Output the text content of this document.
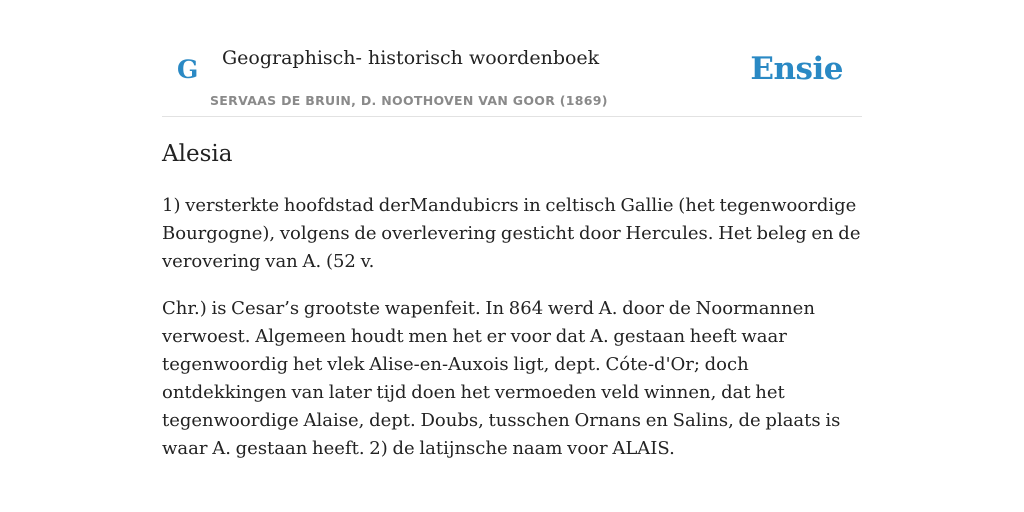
G Geographisch- historisch woordenboek
SERVAAS DE BRUIN, D. NOOTHOVEN VAN GOOR (1869)
Ensie
Alesia

1) versterkte hoofdstad derMandubicrs in celtisch Gallie (het tegenwoordige Bourgogne), volgens de overlevering gesticht door Hercules. Het beleg en de verovering van A. (52 v.

Chr.) is Cesar’s grootste wapenfeit. In 864 werd A. door de Noormannen verwoest. Algemeen houdt men het er voor dat A. gestaan heeft waar tegenwoordig het vlek Alise-en-Auxois ligt, dept. Cóte-d'Or; doch ontdekkingen van later tijd doen het vermoeden veld winnen, dat het tegenwoordige Alaise, dept. Doubs, tusschen Ornans en Salins, de plaats is waar A. gestaan heeft. 2) de latijnsche naam voor ALAIS.
